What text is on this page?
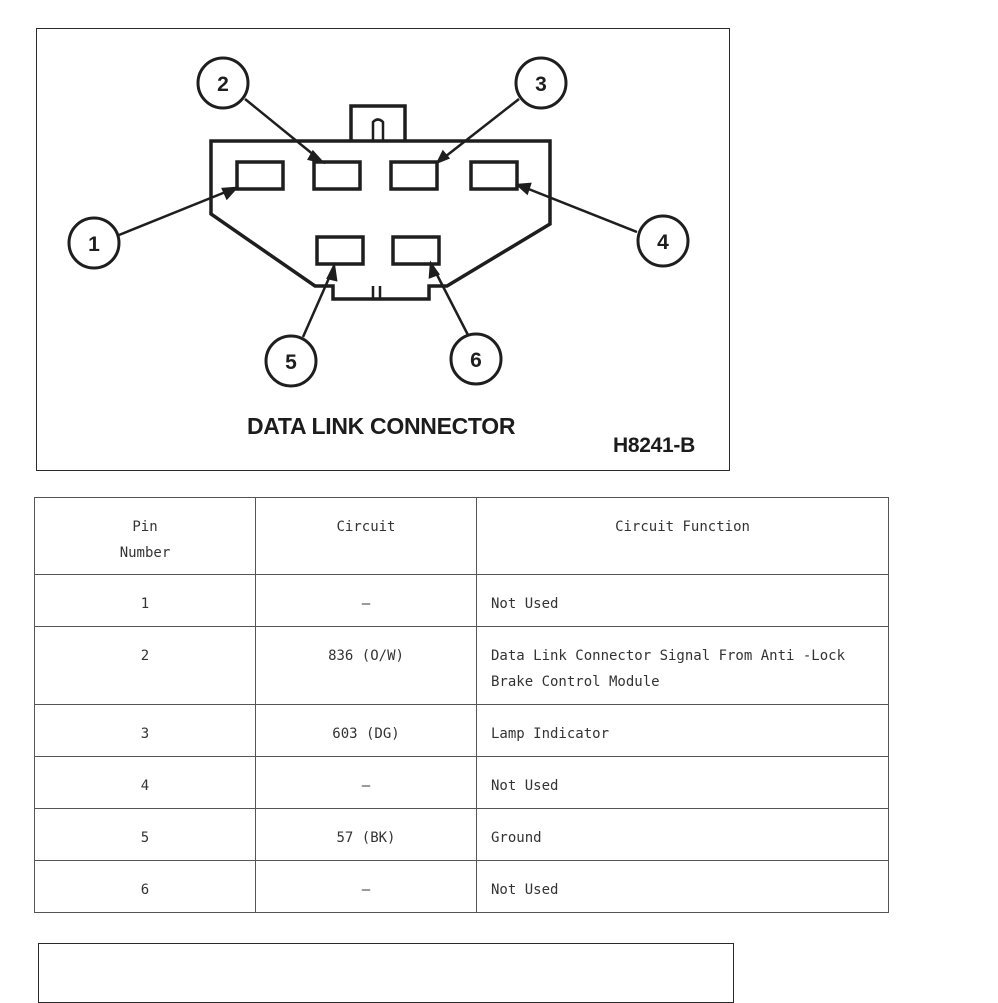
1
2	3
4
5	6
DATA LINK CONNECTOR
H8241-B
Pin Number	Circuit	Circuit Function
1	—	Not Used
2	836 (O/W)	Data Link Connector Signal From Anti -Lock Brake Control Module
3	603 (DG)	Lamp Indicator
4	—	Not Used
5	57 (BK)	Ground
6	—	Not Used
